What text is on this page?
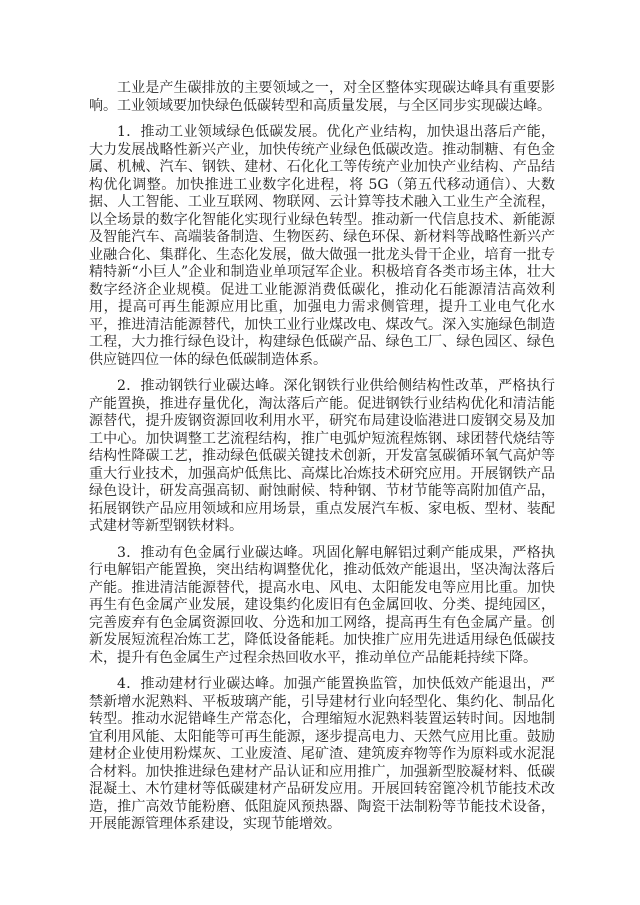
工业是产生碳排放的主要领域之一，对全区整体实现碳达峰具有重要影响。工业领域要加快绿色低碳转型和高质量发展，与全区同步实现碳达峰。

1．推动工业领域绿色低碳发展。优化产业结构，加快退出落后产能，大力发展战略性新兴产业，加快传统产业绿色低碳改造。推动制糖、有色金属、机械、汽车、钢铁、建材、石化化工等传统产业加快产业结构、产品结构优化调整。加快推进工业数字化进程，将 5G（第五代移动通信）、大数据、人工智能、工业互联网、物联网、云计算等技术融入工业生产全流程，以全场景的数字化智能化实现行业绿色转型。推动新一代信息技术、新能源及智能汽车、高端装备制造、生物医药、绿色环保、新材料等战略性新兴产业融合化、集群化、生态化发展，做大做强一批龙头骨干企业，培育一批专精特新“小巨人”企业和制造业单项冠军企业。积极培育各类市场主体，壮大数字经济企业规模。促进工业能源消费低碳化，推动化石能源清洁高效利用，提高可再生能源应用比重，加强电力需求侧管理，提升工业电气化水平，推进清洁能源替代，加快工业行业煤改电、煤改气。深入实施绿色制造工程，大力推行绿色设计，构建绿色低碳产品、绿色工厂、绿色园区、绿色供应链四位一体的绿色低碳制造体系。

2．推动钢铁行业碳达峰。深化钢铁行业供给侧结构性改革，严格执行产能置换，推进存量优化，淘汰落后产能。促进钢铁行业结构优化和清洁能源替代，提升废钢资源回收利用水平，研究布局建设临港进口废钢交易及加工中心。加快调整工艺流程结构，推广电弧炉短流程炼钢、球团替代烧结等结构性降碳工艺，推动绿色低碳关键技术创新，开发富氢碳循环氧气高炉等重大行业技术，加强高炉低焦比、高煤比冶炼技术研究应用。开展钢铁产品绿色设计，研发高强高韧、耐蚀耐候、特种钢、节材节能等高附加值产品，拓展钢铁产品应用领域和应用场景，重点发展汽车板、家电板、型材、装配式建材等新型钢铁材料。

3．推动有色金属行业碳达峰。巩固化解电解铝过剩产能成果，严格执行电解铝产能置换，突出结构调整优化，推动低效产能退出，坚决淘汰落后产能。推进清洁能源替代，提高水电、风电、太阳能发电等应用比重。加快再生有色金属产业发展，建设集约化废旧有色金属回收、分类、提纯园区，完善废弃有色金属资源回收、分选和加工网络，提高再生有色金属产量。创新发展短流程冶炼工艺，降低设备能耗。加快推广应用先进适用绿色低碳技术，提升有色金属生产过程余热回收水平，推动单位产品能耗持续下降。

4．推动建材行业碳达峰。加强产能置换监管，加快低效产能退出，严禁新增水泥熟料、平板玻璃产能，引导建材行业向轻型化、集约化、制品化转型。推动水泥错峰生产常态化，合理缩短水泥熟料装置运转时间。因地制宜利用风能、太阳能等可再生能源，逐步提高电力、天然气应用比重。鼓励建材企业使用粉煤灰、工业废渣、尾矿渣、建筑废弃物等作为原料或水泥混合材料。加快推进绿色建材产品认证和应用推广，加强新型胶凝材料、低碳混凝土、木竹建材等低碳建材产品研发应用。开展回转窑篦冷机节能技术改造，推广高效节能粉磨、低阻旋风预热器、陶瓷干法制粉等节能技术设备，开展能源管理体系建设，实现节能增效。
